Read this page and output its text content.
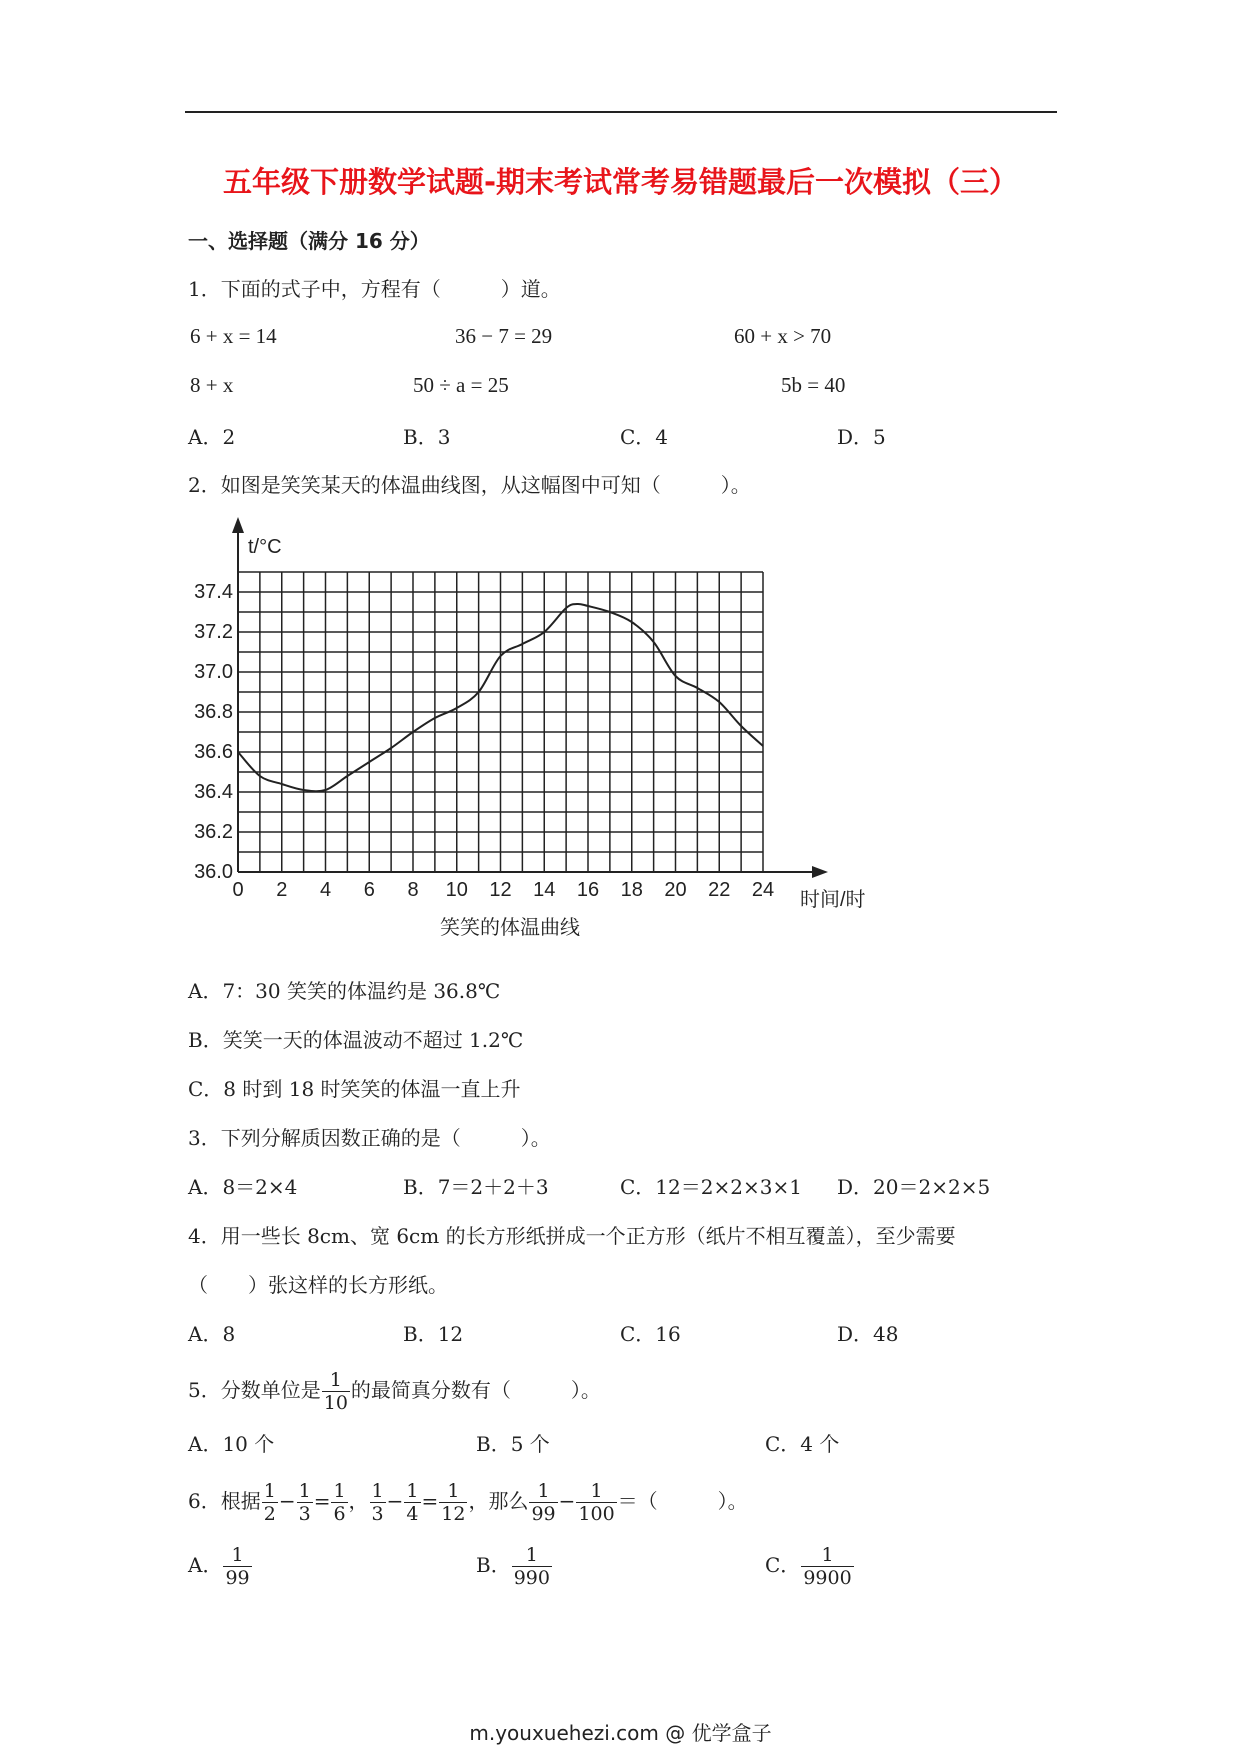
五年级下册数学试题-期末考试常考易错题最后一次模拟（三）
一、选择题（满分 16 分）
1．下面的式子中，方程有（　　　）道。
6 + x = 14	36 − 7 = 29	60 + x > 70
8 + x	50 ÷ a = 25	5b = 40
A．2	B．3	C．4	D．5
2．如图是笑笑某天的体温曲线图，从这幅图中可知（　　　）。
0 2 4 6 8 10 12 14 16 18 20 22 24
36.0
36.2
36.4
36.6
36.8
37.0
37.2
37.4
t/°C
时间/时
笑笑的体温曲线
A．7：30 笑笑的体温约是 36.8℃
B．笑笑一天的体温波动不超过 1.2℃
C．8 时到 18 时笑笑的体温一直上升
3．下列分解质因数正确的是（　　　）。
A．8＝2×4	B．7＝2＋2＋3	C．12＝2×2×3×1 D．20＝2×2×5
4．用一些长 8cm、宽 6cm 的长方形纸拼成一个正方形（纸片不相互覆盖），至少需要
（　　）张这样的长方形纸。
A．8	B．12	C．16	D．48
5．分数单位是 $\frac{1}{10}$ 的最简真分数有（　　　）。
A．10 个	B．5 个	C．4 个
6．根据 $\frac{1}{2} - \frac{1}{3} = \frac{1}{6}$ ， $\frac{1}{3} - \frac{1}{4} = \frac{1}{12}$ ，那么 $\frac{1}{99} - \frac{1}{100}$ ＝（　　　）。
A． $\frac{1}{99}$	B． $\frac{1}{990}$	C． $\frac{1}{9900}$
m.youxuehezi.com @ 优学盒子
